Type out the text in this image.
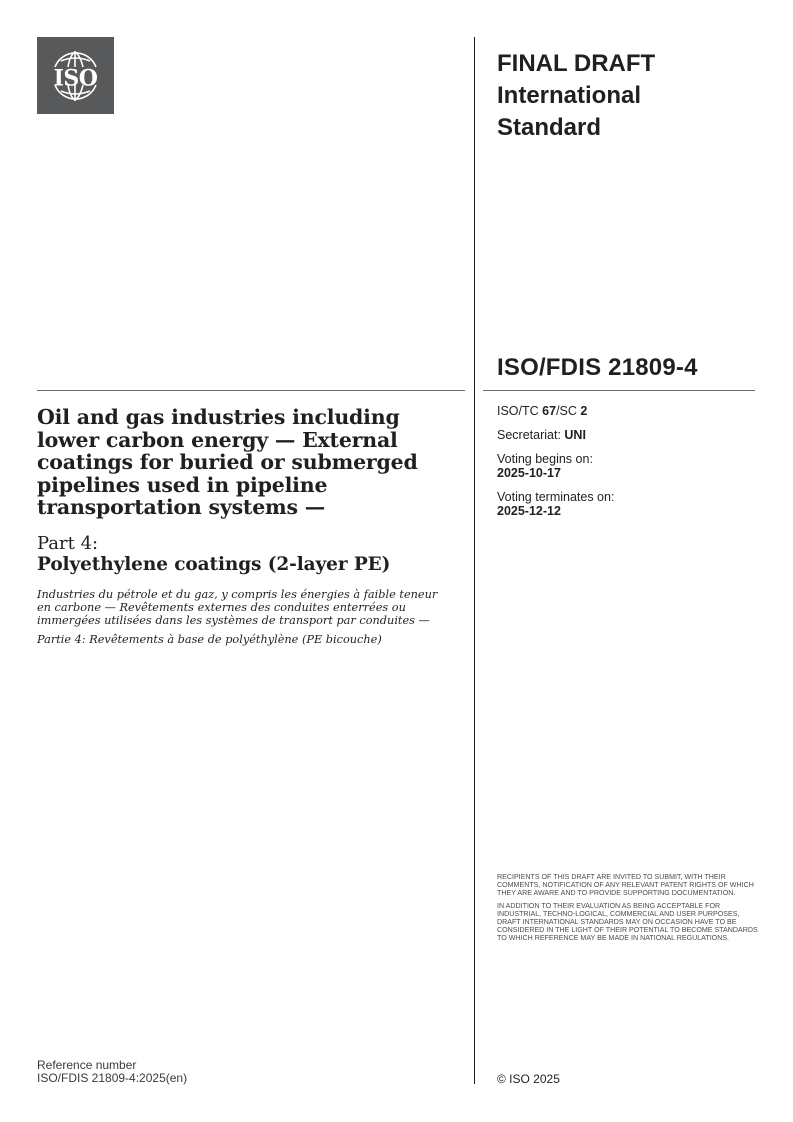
ISO
FINAL DRAFT
International
Standard
ISO/FDIS 21809-4
ISO/TC 67/SC 2
Secretariat: UNI
Voting begins on:
2025-10-17
Voting terminates on:
2025-12-12
Oil and gas industries including lower carbon energy — External coatings for buried or submerged pipelines used in pipeline transportation systems —
Part 4:
Polyethylene coatings (2-layer PE)
Industries du pétrole et du gaz, y compris les énergies à faible teneur en carbone — Revêtements externes des conduites enterrées ou immergées utilisées dans les systèmes de transport par conduites —
Partie 4: Revêtements à base de polyéthylène (PE bicouche)

RECIPIENTS OF THIS DRAFT ARE INVITED TO SUBMIT, WITH THEIR COMMENTS, NOTIFICATION OF ANY RELEVANT PATENT RIGHTS OF WHICH THEY ARE AWARE AND TO PROVIDE SUPPORTING DOCUMENTATION.

IN ADDITION TO THEIR EVALUATION AS BEING ACCEPTABLE FOR INDUSTRIAL, TECHNO-LOGICAL, COMMERCIAL AND USER PURPOSES, DRAFT INTERNATIONAL STANDARDS MAY ON OCCASION HAVE TO BE CONSIDERED IN THE LIGHT OF THEIR POTENTIAL TO BECOME STANDARDS TO WHICH REFERENCE MAY BE MADE IN NATIONAL REGULATIONS.

Reference number
ISO/FDIS 21809-4:2025(en)	© ISO 2025
